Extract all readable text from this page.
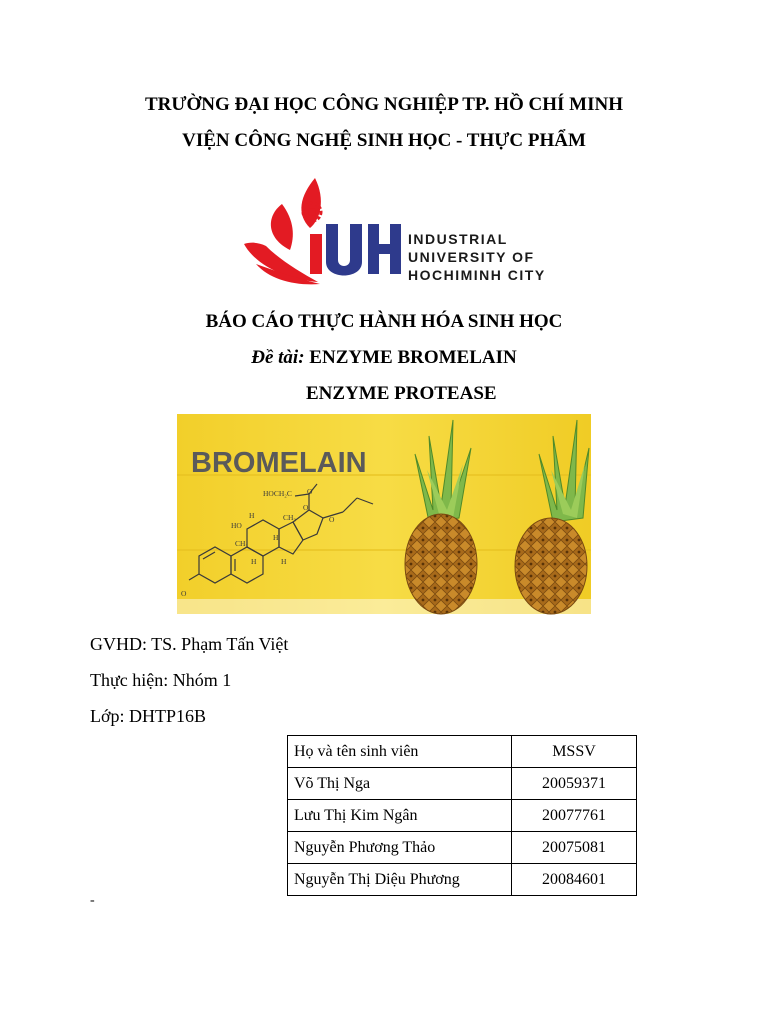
TRƯỜNG ĐẠI HỌC CÔNG NGHIỆP TP. HỒ CHÍ MINH

VIỆN CÔNG NGHỆ SINH HỌC - THỰC PHẨM

INDUSTRIAL
UNIVERSITY OF
HOCHIMINH CITY

BÁO CÁO THỰC HÀNH HÓA SINH HỌC

Đề tài: ENZYME BROMELAIN

ENZYME PROTEASE

BROMELAIN
HOCH₂C
HO
CH₃
CH₃
H
H	H
H
O
O
O
O

GVHD: TS. Phạm Tấn Việt

Thực hiện: Nhóm 1

Lớp: DHTP16B

Họ và tên sinh viên	MSSV
Võ Thị Nga	20059371
Lưu Thị Kim Ngân	20077761
Nguyễn Phương Thảo	20075081
Nguyễn Thị Diệu Phương	20084601
-
